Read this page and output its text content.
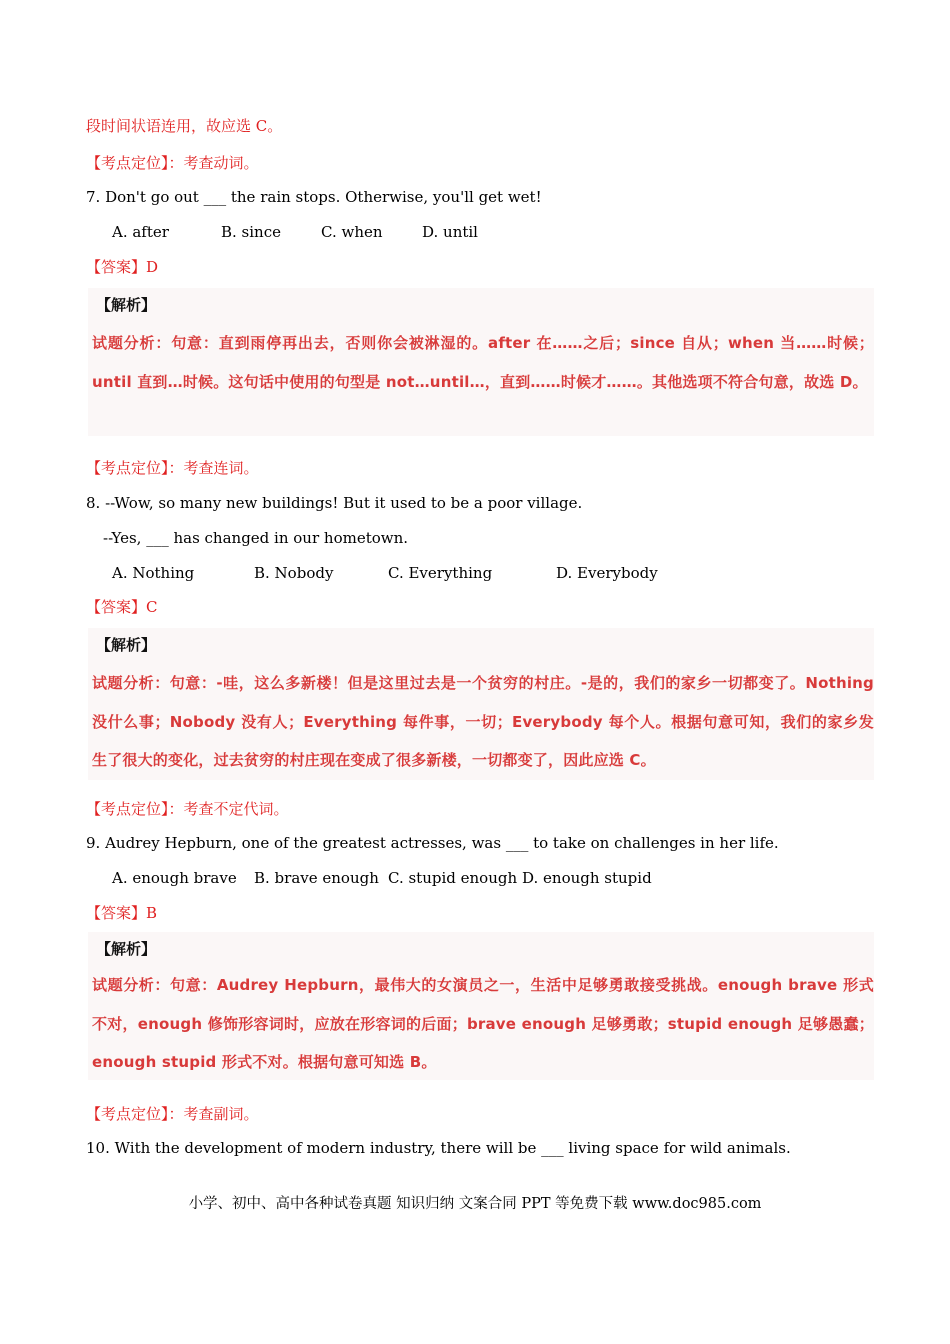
段时间状语连用，故应选 C。
【考点定位】：考查动词。
7. Don't go out ___ the rain stops. Otherwise, you'll get wet!
A. after	B. since	C. when	D. until
【答案】D
【解析】
试题分析：句意：直到雨停再出去，否则你会被淋湿的。after 在……之后；since 自从；when 当……时候；until 直到…时候。这句话中使用的句型是 not…until…，直到……时候才……。其他选项不符合句意，故选 D。
【考点定位】：考查连词。
8. --Wow, so many new buildings! But it used to be a poor village.
--Yes, ___ has changed in our hometown.
A. Nothing	B. Nobody	C. Everything	D. Everybody
【答案】C
【解析】
试题分析：句意：-哇，这么多新楼！但是这里过去是一个贫穷的村庄。-是的，我们的家乡一切都变了。Nothing 没什么事；Nobody 没有人；Everything 每件事，一切；Everybody 每个人。根据句意可知，我们的家乡发生了很大的变化，过去贫穷的村庄现在变成了很多新楼，一切都变了，因此应选 C。
【考点定位】：考查不定代词。
9. Audrey Hepburn, one of the greatest actresses, was ___ to take on challenges in her life.
A. enough brave B. brave enough C. stupid enough D. enough stupid
【答案】B
【解析】
试题分析：句意：Audrey Hepburn，最伟大的女演员之一，生活中足够勇敢接受挑战。enough brave 形式不对，enough 修饰形容词时，应放在形容词的后面；brave enough 足够勇敢；stupid enough 足够愚蠢；enough stupid 形式不对。根据句意可知选 B。
【考点定位】：考查副词。
10. With the development of modern industry, there will be ___ living space for wild animals.
小学、初中、高中各种试卷真题 知识归纳 文案合同 PPT 等免费下载 www.doc985.com
